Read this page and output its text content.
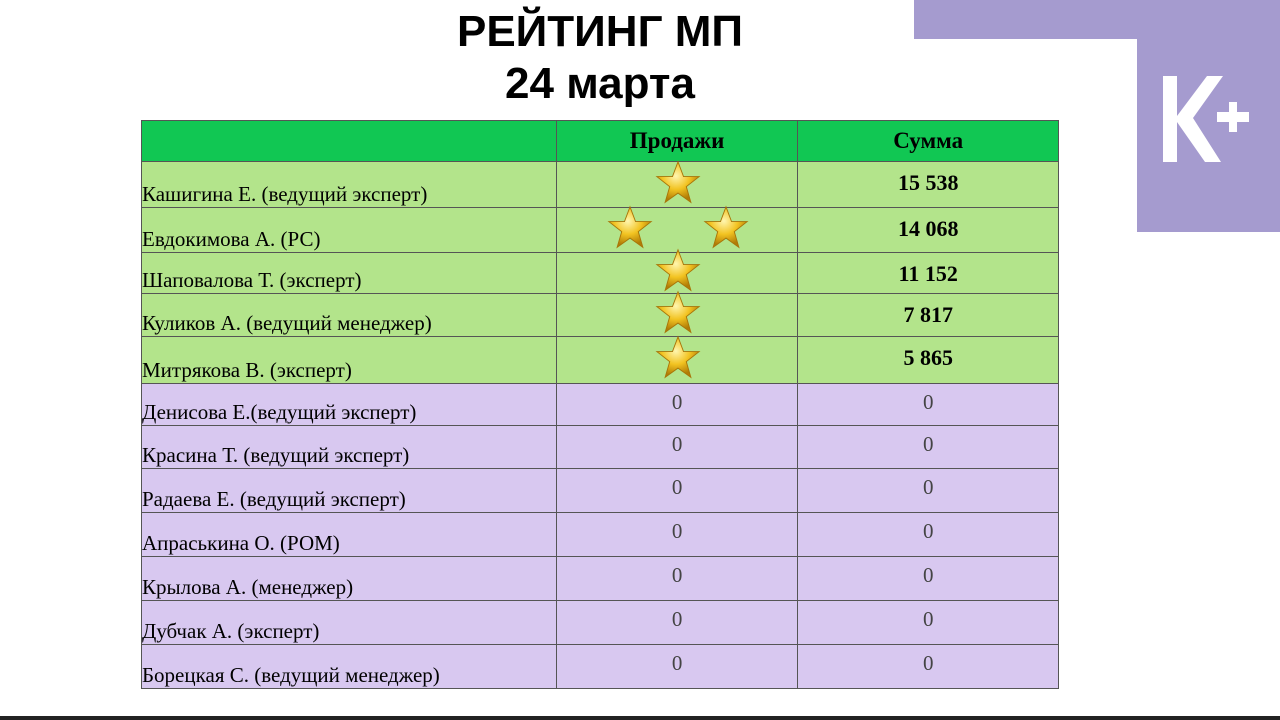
РЕЙТИНГ МП
24 марта
	Продажи	Сумма
Кашигина Е. (ведущий эксперт)		15 538
Евдокимова А. (РС)		14 068
Шаповалова Т. (эксперт)		11 152
Куликов А. (ведущий менеджер)		7 817
Митрякова В. (эксперт)		5 865
Денисова Е.(ведущий эксперт)	0	0
Красина Т. (ведущий эксперт)	0	0
Радаева Е. (ведущий эксперт)	0	0
Апраськина О. (РОМ)	0	0
Крылова А. (менеджер)	0	0
Дубчак А. (эксперт)	0	0
Борецкая С. (ведущий менеджер)	0	0
